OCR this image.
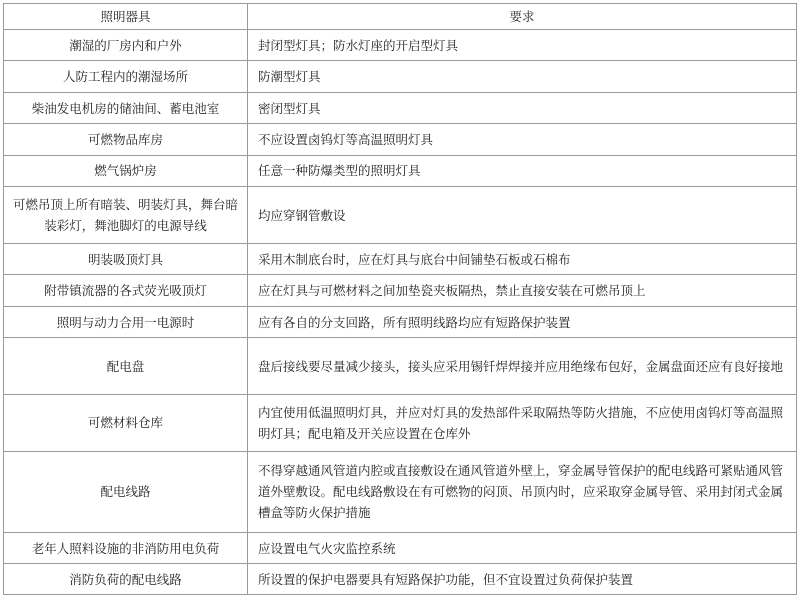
照明器具	要求
潮湿的厂房内和户外	封闭型灯具；防水灯座的开启型灯具
人防工程内的潮湿场所	防潮型灯具
柴油发电机房的储油间、蓄电池室	密闭型灯具
可燃物品库房	不应设置卤钨灯等高温照明灯具
燃气锅炉房	任意一种防爆类型的照明灯具
可燃吊顶上所有暗装、明装灯具，舞台暗装彩灯，舞池脚灯的电源导线	均应穿钢管敷设
明装吸顶灯具	采用木制底台时，应在灯具与底台中间铺垫石板或石棉布
附带镇流器的各式荧光吸顶灯	应在灯具与可燃材料之间加垫瓷夹板隔热，禁止直接安装在可燃吊顶上
照明与动力合用一电源时	应有各自的分支回路，所有照明线路均应有短路保护装置
配电盘	盘后接线要尽量减少接头，接头应采用锡钎焊焊接并应用绝缘布包好，金属盘面还应有良好接地
可燃材料仓库	内宜使用低温照明灯具，并应对灯具的发热部件采取隔热等防火措施，不应使用卤钨灯等高温照明灯具；配电箱及开关应设置在仓库外
配电线路	不得穿越通风管道内腔或直接敷设在通风管道外壁上，穿金属导管保护的配电线路可紧贴通风管道外壁敷设。配电线路敷设在有可燃物的闷顶、吊顶内时，应采取穿金属导管、采用封闭式金属槽盒等防火保护措施
老年人照料设施的非消防用电负荷	应设置电气火灾监控系统
消防负荷的配电线路	所设置的保护电器要具有短路保护功能，但不宜设置过负荷保护装置
